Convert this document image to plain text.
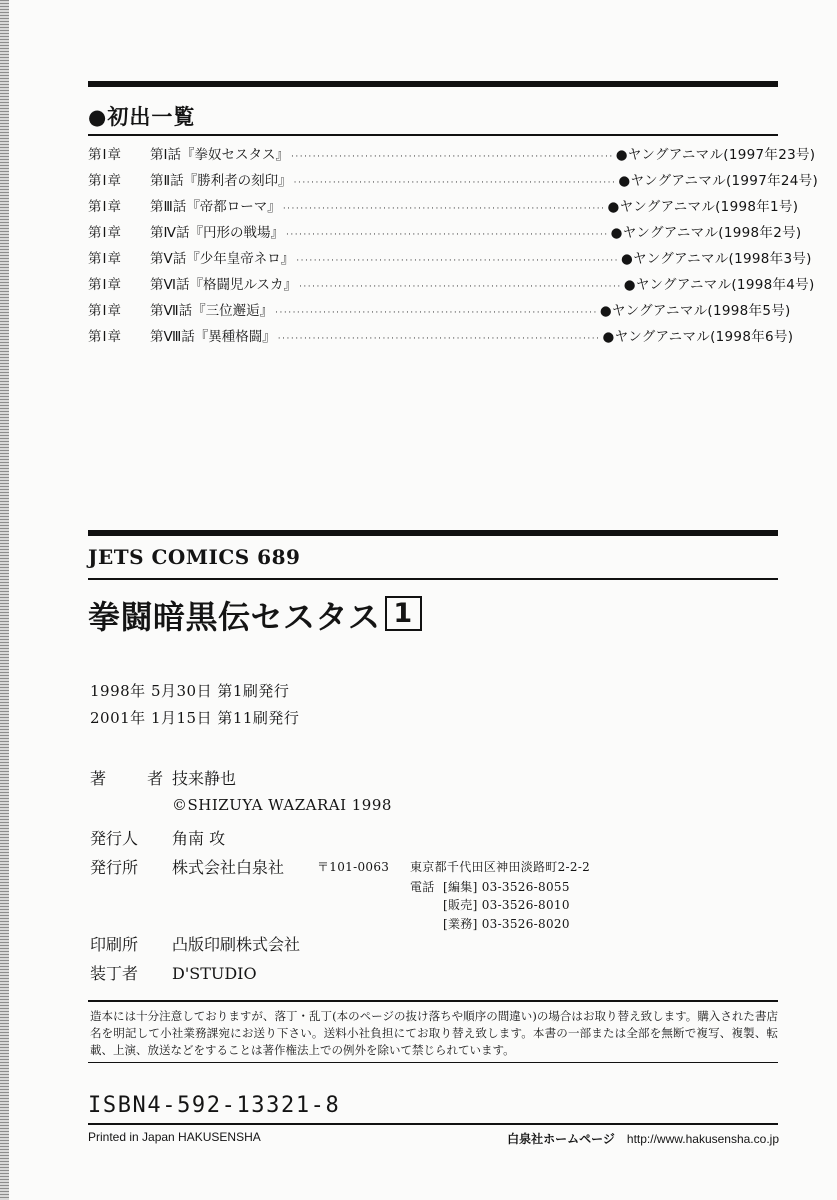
●初出一覧
第Ⅰ章	第Ⅰ話 『拳奴セスタス』 ·········································································· ●ヤングアニマル(1997年23号)
第Ⅰ章	第Ⅱ話 『勝利者の刻印』 ·········································································· ●ヤングアニマル(1997年24号)
第Ⅰ章	第Ⅲ話 『帝都ローマ』 ·········································································· ●ヤングアニマル(1998年1号)
第Ⅰ章	第Ⅳ話 『円形の戦場』 ·········································································· ●ヤングアニマル(1998年2号)
第Ⅰ章	第Ⅴ話 『少年皇帝ネロ』 ·········································································· ●ヤングアニマル(1998年3号)
第Ⅰ章	第Ⅵ話 『格闘児ルスカ』 ·········································································· ●ヤングアニマル(1998年4号)
第Ⅰ章	第Ⅶ話 『三位邂逅』 ·········································································· ●ヤングアニマル(1998年5号)
第Ⅰ章	第Ⅷ話 『異種格闘』 ·········································································· ●ヤングアニマル(1998年6号)
JETS COMICS 689
拳闘暗黒伝セスタス 1
1998年 5月30日 第1刷発行
2001年 1月15日 第11刷発行
著 者技来静也
©SHIZUYA WAZARAI 1998
発行人 角南 攻
発行所 株式会社白泉社	〒101-0063 東京都千代田区神田淡路町2-2-2
電話 [編集] 03-3526-8055
[販売] 03-3526-8010
[業務] 03-3526-8020
印刷所 凸版印刷株式会社
装丁者 D'STUDIO
造本には十分注意しておりますが、落丁・乱丁(本のページの抜け落ちや順序の間違い)の場合はお取り替え致します。購入された書店名を明記して小社業務課宛にお送り下さい。送料小社負担にてお取り替え致します。本書の一部または全部を無断で複写、複製、転載、上演、放送などをすることは著作権法上での例外を除いて禁じられています。
ISBN4-592-13321-8
Printed in Japan HAKUSENSHA	白泉社ホームページ http://www.hakusensha.co.jp
